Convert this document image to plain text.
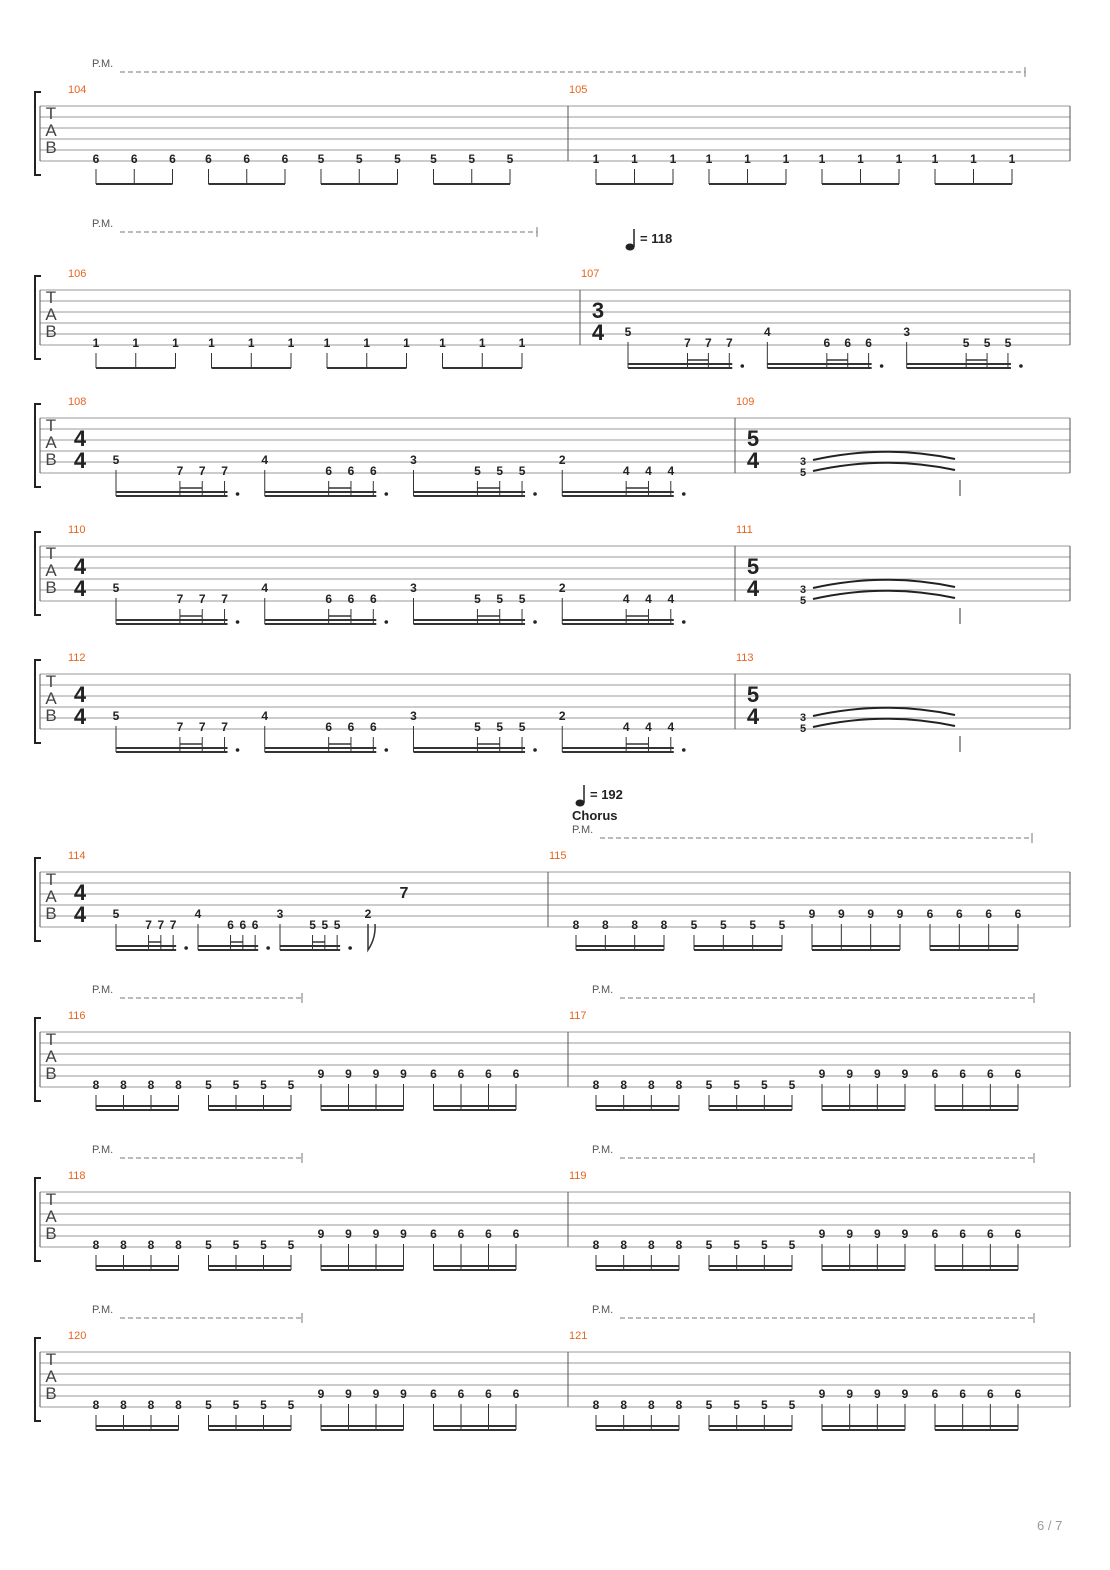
T
A
B
104	105
P.M.
6	6	6 6	6	6 5	5	5 5	5	5	1	1	1 1	1	1 1	1	1 1	1	1
T
A
B
106	107
P.M.
1	1	1 1	1	1 1	1	1 1	1	1
3
4
= 118
5
7 7 7
4
6 6 6
3
5 5 5
T
A
B
108	109
4
4 5
7 7 7
4
6 6 6
3
5 5 5
2
4 4 4
5
4	3
5
T
A
B
110	111
4
4 5
7 7 7
4
6 6 6
3
5 5 5
2
4 4 4
5
4	3
5
T
A
B
112	113
4
4 5
7 7 7
4
6 6 6
3
5 5 5
2
4 4 4
5
4	3
5
T
A
B
114	115
P.M.
4
4 5
7 7 7
4
6 6 6
3
5 5 5
2
7
= 192
Chorus
8 8 8 8 5 5 5 5
9 9 9 9 6 6 6 6
T
A
B
116	117
P.M.	P.M.
8 8 8 8 5 5 5 5
9 9 9 9 6 6 6 6
8 8 8 8 5 5 5 5
9 9 9 9 6 6 6 6
T
A
B
118	119
P.M.	P.M.
8 8 8 8 5 5 5 5
9 9 9 9 6 6 6 6
8 8 8 8 5 5 5 5
9 9 9 9 6 6 6 6
T
A
B
120	121
P.M.	P.M.
8 8 8 8 5 5 5 5
9 9 9 9 6 6 6 6
8 8 8 8 5 5 5 5
9 9 9 9 6 6 6 6
6 / 7
